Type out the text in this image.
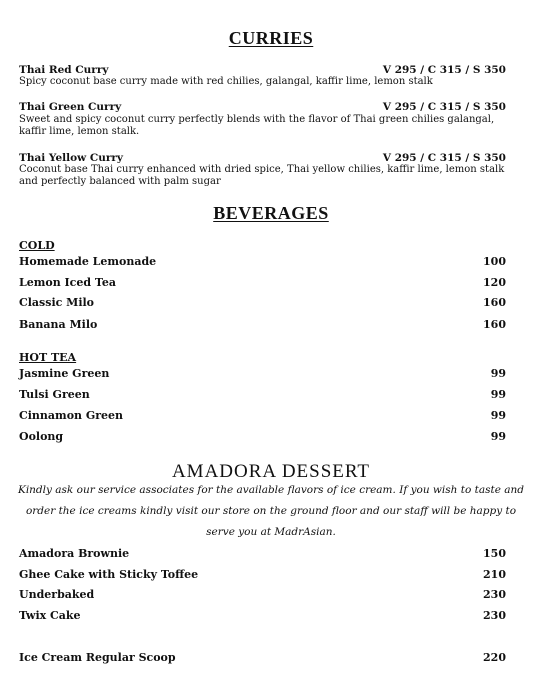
CURRIES
Thai Red Curry	V 295 / C 315 / S 350
Spicy coconut base curry made with red chilies, galangal, kaffir lime, lemon stalk
Thai Green Curry	V 295 / C 315 / S 350
Sweet and spicy coconut curry perfectly blends with the flavor of Thai green chilies galangal, kaffir lime, lemon stalk.
Thai Yellow Curry	V 295 / C 315 / S 350
Coconut base Thai curry enhanced with dried spice, Thai yellow chilies, kaffir lime, lemon stalk and perfectly balanced with palm sugar
BEVERAGES
COLD
Homemade Lemonade	100
Lemon Iced Tea	120
Classic Milo	160
Banana Milo	160
HOT TEA
Jasmine Green	99
Tulsi Green	99
Cinnamon Green	99
Oolong	99
AMADORA DESSERT
Kindly ask our service associates for the available flavors of ice cream. If you wish to taste and order the ice creams kindly visit our store on the ground floor and our staff will be happy to serve you at MadrAsian.
Amadora Brownie	150
Ghee Cake with Sticky Toffee	210
Underbaked	230
Twix Cake	230
Ice Cream Regular Scoop	220
